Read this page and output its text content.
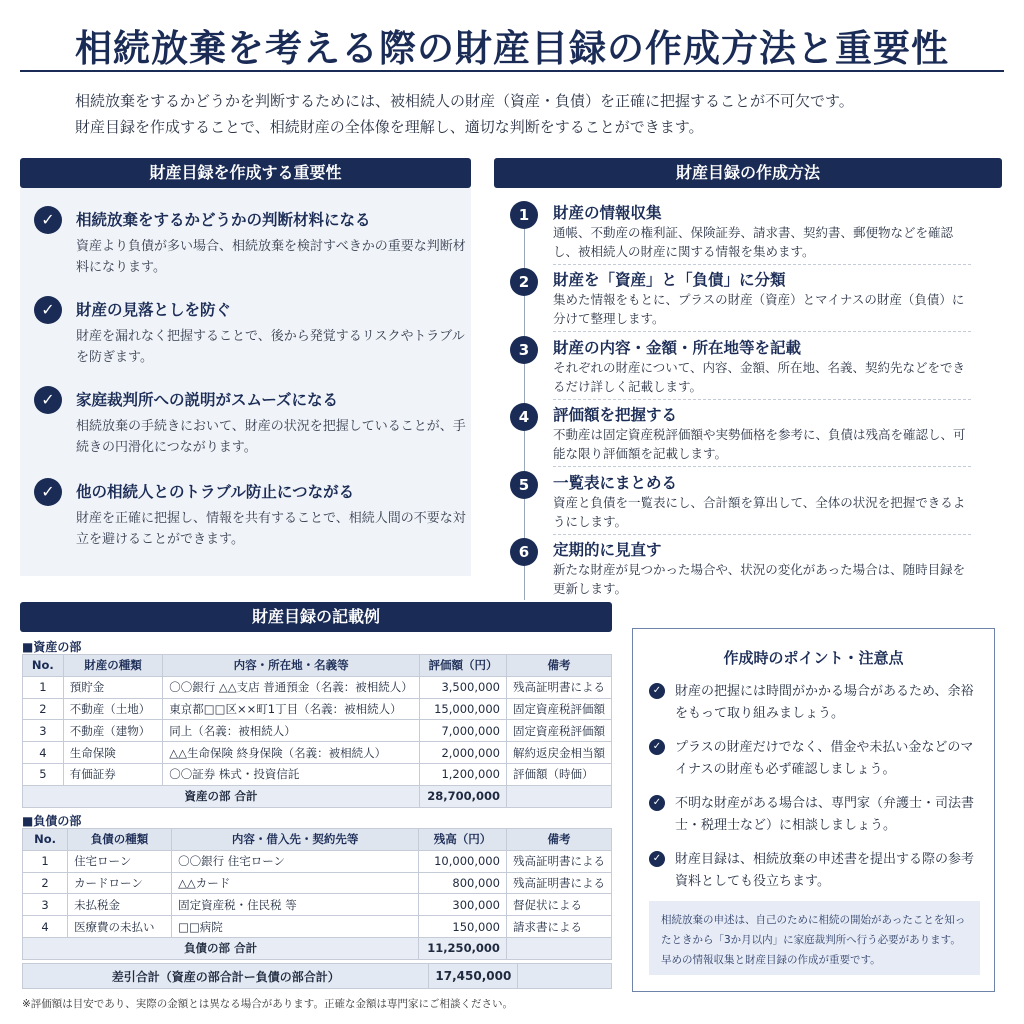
相続放棄を考える際の財産目録の作成方法と重要性
相続放棄をするかどうかを判断するためには、被相続人の財産（資産・負債）を正確に把握することが不可欠です。
財産目録を作成することで、相続財産の全体像を理解し、適切な判断をすることができます。
財産目録を作成する重要性
✓	相続放棄をするかどうかの判断材料になる
資産より負債が多い場合、相続放棄を検討すべきかの重要な判断材料になります。
✓	財産の見落としを防ぐ
財産を漏れなく把握することで、後から発覚するリスクやトラブルを防ぎます。
✓	家庭裁判所への説明がスムーズになる
相続放棄の手続きにおいて、財産の状況を把握していることが、手続きの円滑化につながります。
✓	他の相続人とのトラブル防止につながる
財産を正確に把握し、情報を共有することで、相続人間の不要な対立を避けることができます。
財産目録の作成方法
1	財産の情報収集
通帳、不動産の権利証、保険証券、請求書、契約書、郵便物などを確認し、被相続人の財産に関する情報を集めます。
2	財産を「資産」と「負債」に分類
集めた情報をもとに、プラスの財産（資産）とマイナスの財産（負債）に分けて整理します。
3	財産の内容・金額・所在地等を記載
それぞれの財産について、内容、金額、所在地、名義、契約先などをできるだけ詳しく記載します。
4	評価額を把握する
不動産は固定資産税評価額や実勢価格を参考に、負債は残高を確認し、可能な限り評価額を記載します。
5	一覧表にまとめる
資産と負債を一覧表にし、合計額を算出して、全体の状況を把握できるようにします。
6	定期的に見直す
新たな財産が見つかった場合や、状況の変化があった場合は、随時目録を更新します。
財産目録の記載例
■資産の部
No.	財産の種類	内容・所在地・名義等	評価額（円）	備考
1	預貯金	〇〇銀行 △△支店 普通預金（名義：被相続人）	3,500,000	残高証明書による
2	不動産（土地）	東京都□□区××町1丁目（名義：被相続人）	15,000,000	固定資産税評価額
3	不動産（建物）	同上（名義：被相続人）	7,000,000	固定資産税評価額
4	生命保険	△△生命保険 終身保険（名義：被相続人）	2,000,000	解約返戻金相当額
5	有価証券	〇〇証券 株式・投資信託	1,200,000	評価額（時価）
資産の部 合計			28,700,000	
■負債の部
No.	負債の種類	内容・借入先・契約先等	残高（円）	備考
1	住宅ローン	〇〇銀行 住宅ローン	10,000,000	残高証明書による
2	カードローン	△△カード	800,000	残高証明書による
3	未払税金	固定資産税・住民税 等	300,000	督促状による
4	医療費の未払い	□□病院	150,000	請求書による
負債の部 合計			11,250,000	
差引合計（資産の部合計ー負債の部合計）	17,450,000	
※評価額は目安であり、実際の金額とは異なる場合があります。正確な金額は専門家にご相談ください。
作成時のポイント・注意点
✓ 財産の把握には時間がかかる場合があるため、余裕をもって取り組みましょう。
✓ プラスの財産だけでなく、借金や未払い金などのマイナスの財産も必ず確認しましょう。
✓ 不明な財産がある場合は、専門家（弁護士・司法書士・税理士など）に相談しましょう。
✓ 財産目録は、相続放棄の申述書を提出する際の参考資料としても役立ちます。
相続放棄の申述は、自己のために相続の開始があったことを知ったときから「3か月以内」に家庭裁判所へ行う必要があります。早めの情報収集と財産目録の作成が重要です。
